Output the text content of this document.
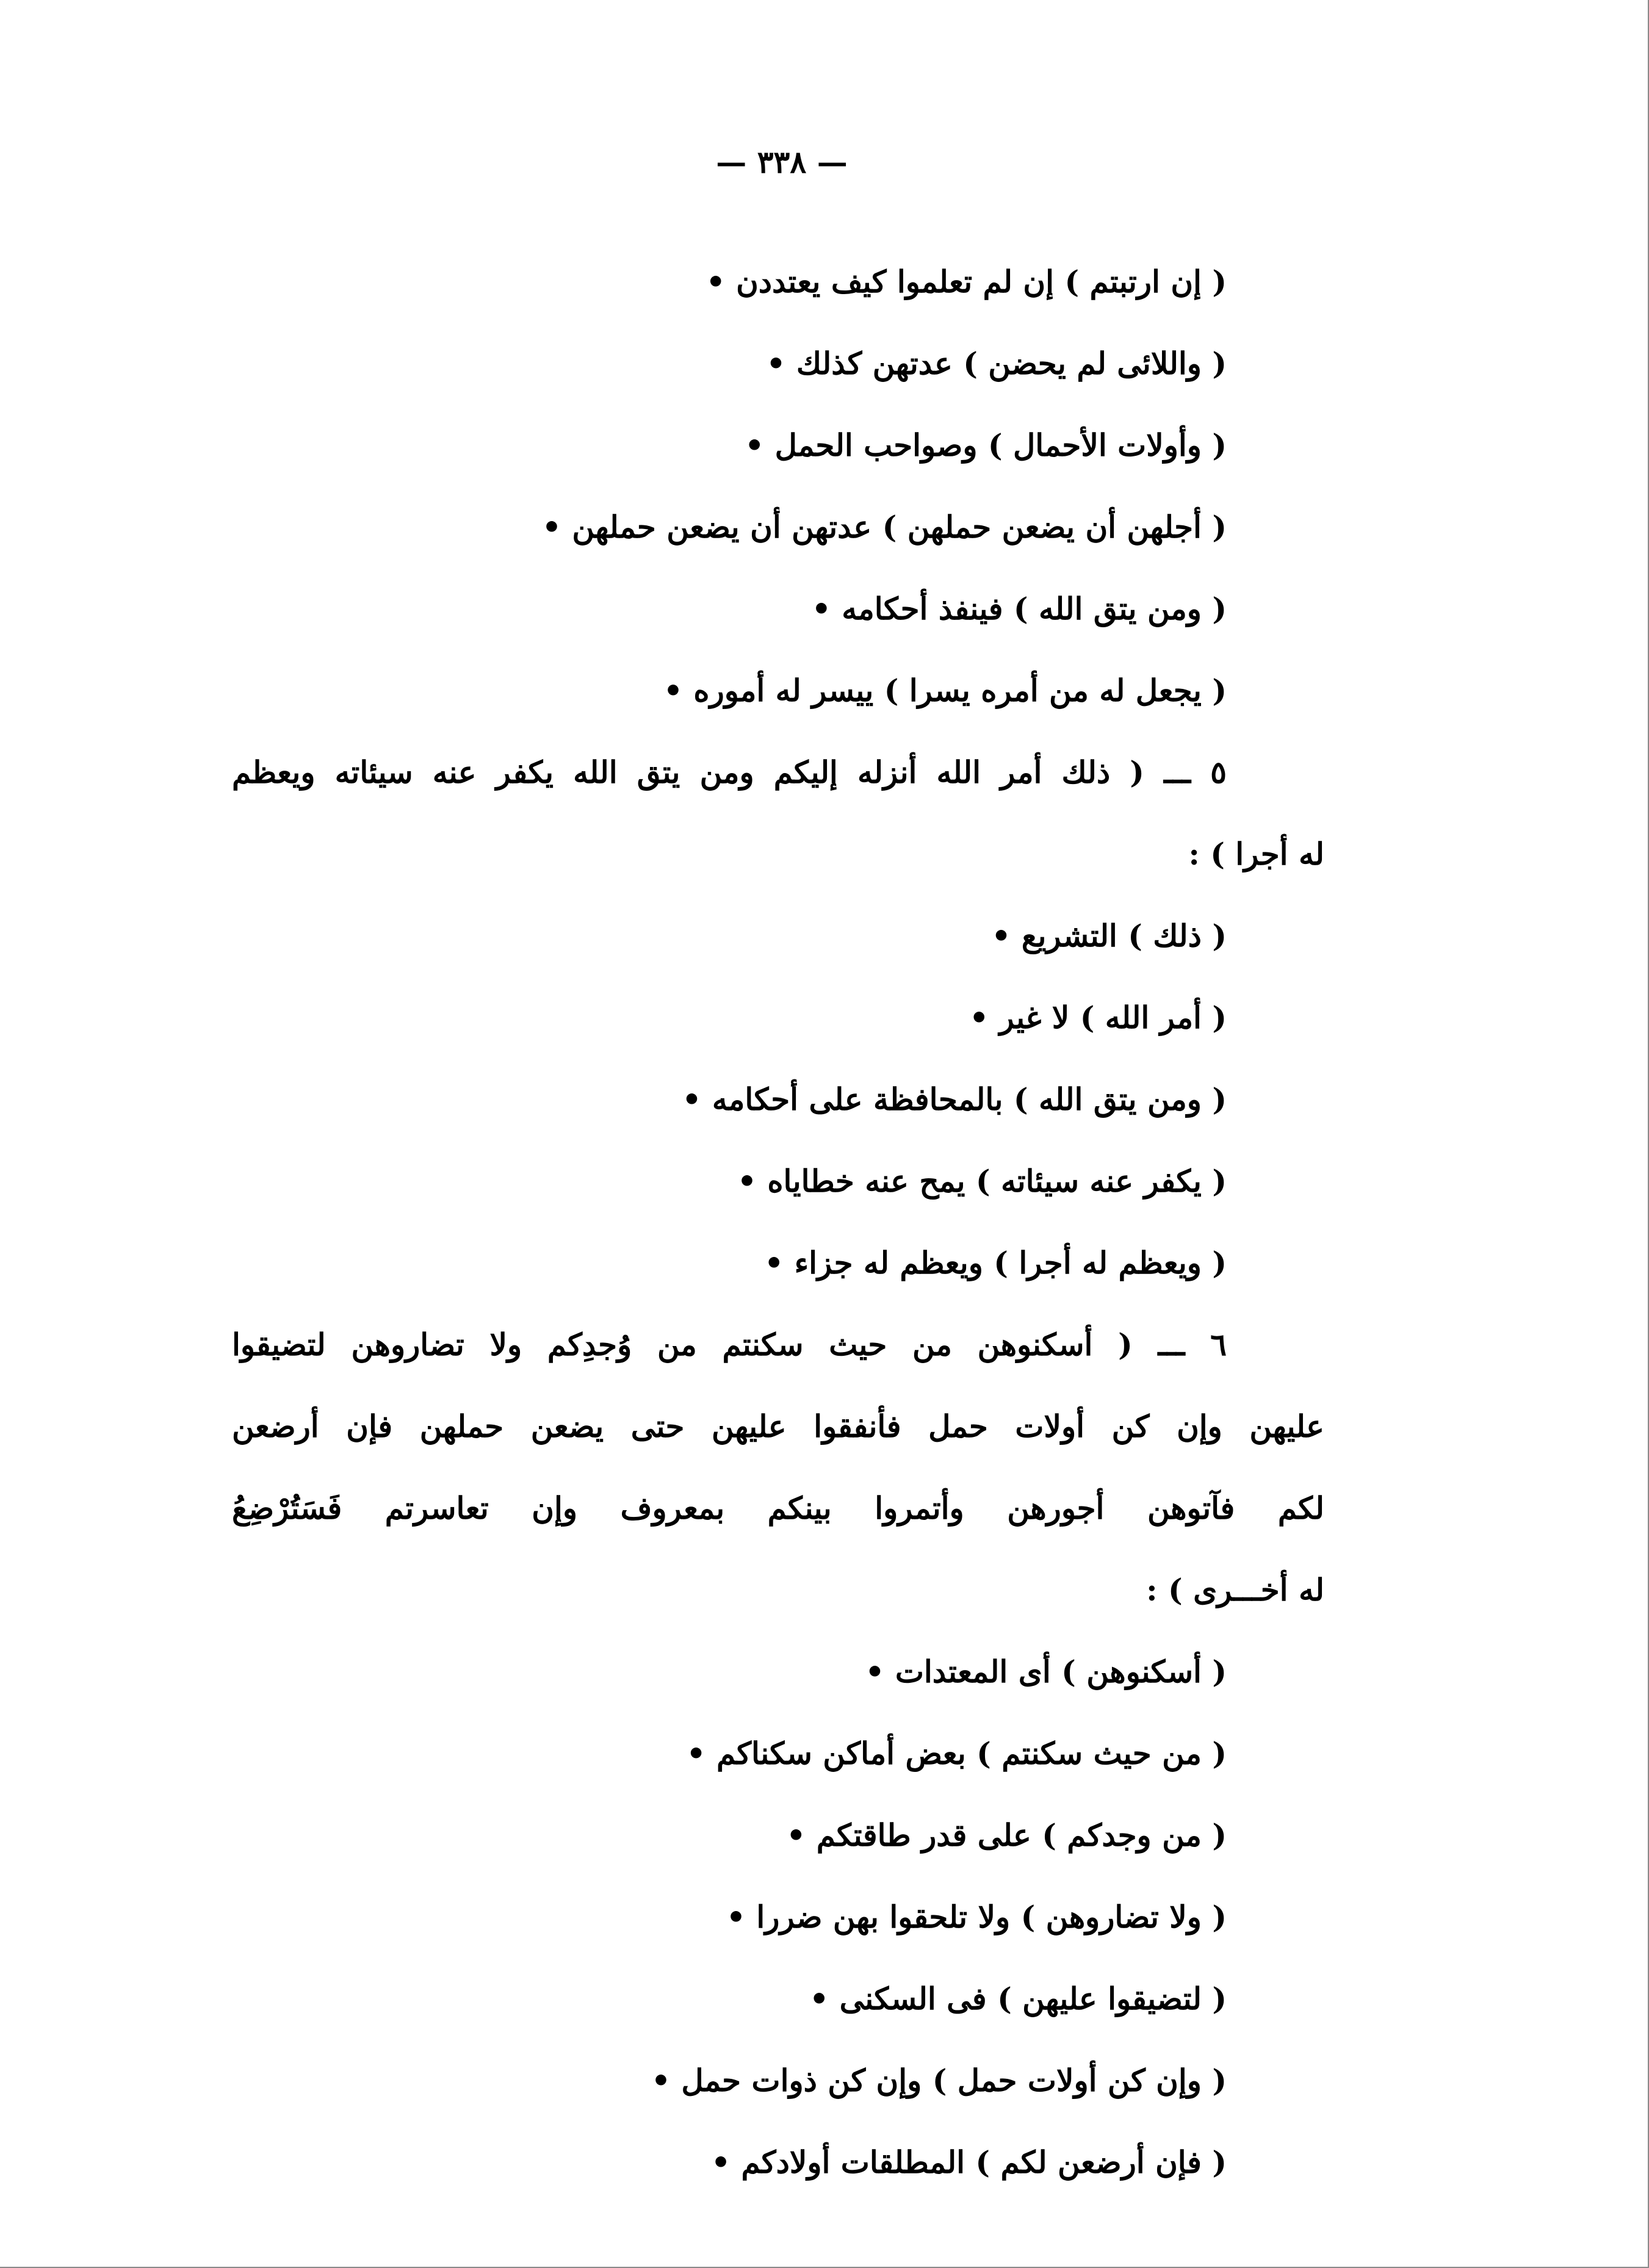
— ٣٣٨ —
( إن ارتبتم ) إن لم تعلموا كيف يعتددن •
( واللائى لم يحضن ) عدتهن كذلك •
( وأولات الأحمال ) وصواحب الحمل •
( أجلهن أن يضعن حملهن ) عدتهن أن يضعن حملهن •
( ومن يتق الله ) فينفذ أحكامه •
( يجعل له من أمره يسرا ) ييسر له أموره •
٥ ـــ ( ذلك أمر الله أنزله إليكم ومن يتق الله يكفر عنه سيئاته ويعظم
له أجرا ) :
( ذلك ) التشريع •
( أمر الله ) لا غير •
( ومن يتق الله ) بالمحافظة على أحكامه •
( يكفر عنه سيئاته ) يمح عنه خطاياه •
( ويعظم له أجرا ) ويعظم له جزاء •
٦ ـــ ( أسكنوهن من حيث سكنتم من وُجدِكم ولا تضاروهن لتضيقوا
عليهن وإن كن أولات حمل فأنفقوا عليهن حتى يضعن حملهن فإن أرضعن
لكم فآتوهن أجورهن وأتمروا بينكم بمعروف وإن تعاسرتم فَسَتُرْضِعُ
له أخـــرى ) :
( أسكنوهن ) أى المعتدات •
( من حيث سكنتم ) بعض أماكن سكناكم •
( من وجدكم ) على قدر طاقتكم •
( ولا تضاروهن ) ولا تلحقوا بهن ضررا •
( لتضيقوا عليهن ) فى السكنى •
( وإن كن أولات حمل ) وإن كن ذوات حمل •
( فإن أرضعن لكم ) المطلقات أولادكم •
